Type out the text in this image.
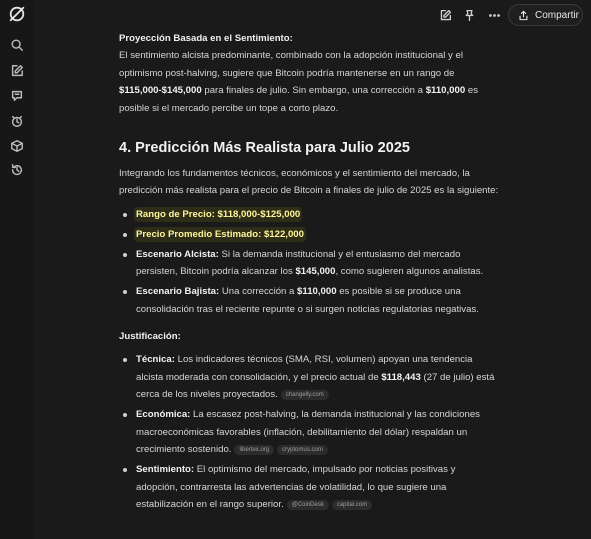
Compartir
Proyección Basada en el Sentimiento:

El sentimiento alcista predominante, combinado con la adopción institucional y el optimismo post-halving, sugiere que Bitcoin podría mantenerse en un rango de $115,000-$145,000 para finales de julio. Sin embargo, una corrección a $110,000 es posible si el mercado percibe un tope a corto plazo.

4. Predicción Más Realista para Julio 2025

Integrando los fundamentos técnicos, económicos y el sentimiento del mercado, la predicción más realista para el precio de Bitcoin a finales de julio de 2025 es la siguiente:

Rango de Precio: $118,000-$125,000
Precio Promedio Estimado: $122,000
Escenario Alcista: Si la demanda institucional y el entusiasmo del mercado persisten, Bitcoin podría alcanzar los $145,000, como sugieren algunos analistas.
Escenario Bajista: Una corrección a $110,000 es posible si se produce una consolidación tras el reciente repunte o si surgen noticias regulatorias negativas.
Justificación:
Técnica: Los indicadores técnicos (SMA, RSI, volumen) apoyan una tendencia alcista moderada con consolidación, y el precio actual de $118,443 (27 de julio) está cerca de los niveles proyectados. changelly.com
Económica: La escasez post-halving, la demanda institucional y las condiciones macroeconómicas favorables (inflación, debilitamiento del dólar) respaldan un crecimiento sostenido. libertex.org cryptomus.com
Sentimiento: El optimismo del mercado, impulsado por noticias positivas y adopción, contrarresta las advertencias de volatilidad, lo que sugiere una estabilización en el rango superior. @CoinDesk capital.com
